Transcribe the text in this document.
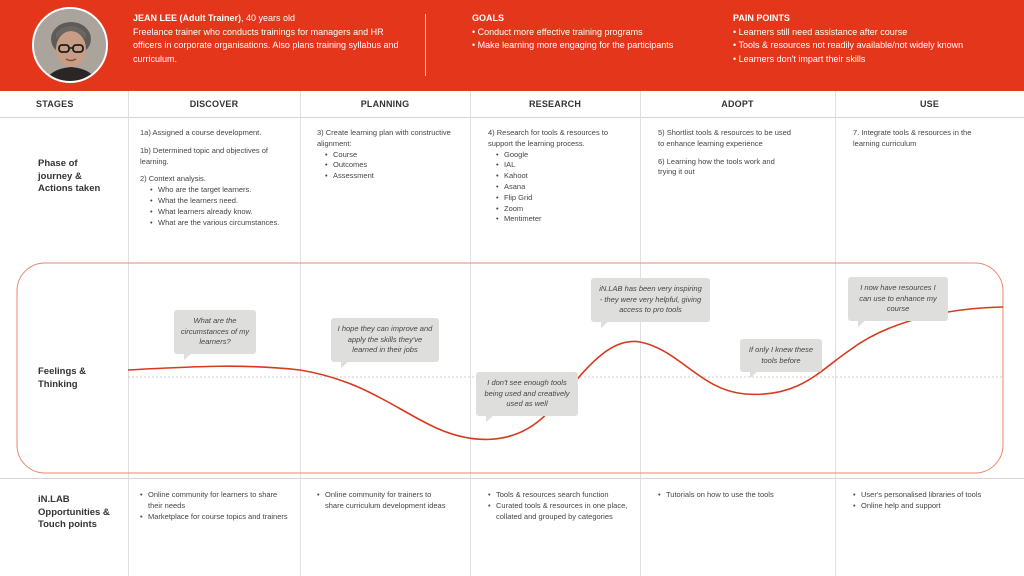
JEAN LEE (Adult Trainer), 40 years old
Freelance trainer who conducts trainings for managers and HR officers in corporate organisations. Also plans training syllabus and curriculum.
GOALS
• Conduct more effective training programs
• Make learning more engaging for the participants
PAIN POINTS
• Learners still need assistance after course
• Tools & resources not readily available/not widely known
• Learners don't impart their skills
STAGES	DISCOVER	PLANNING	RESEARCH	ADOPT	USE
Phase of journey & Actions taken
Feelings & Thinking
iN.LAB Opportunities & Touch points
1a) Assigned a course development.
1b) Determined topic and objectives of learning.
2) Context analysis.
• Who are the target learners.
• What the learners need.
• What learners already know.
• What are the various circumstances.
3) Create learning plan with constructive alignment:
• Course
• Outcomes
• Assessment
4) Research for tools & resources to support the learning process.
• Google
• IAL
• Kahoot
• Asana
• Flip Grid
• Zoom
• Mentimeter
5) Shortlist tools & resources to be used to enhance learning experience
6) Learning how the tools work and trying it out
7. Integrate tools & resources in the learning curriculum
What are the circumstances of my learners?
I hope they can improve and apply the skills they've learned in their jobs
I don't see enough tools being used and creatively used as well
iN.LAB has been very inspiring - they were very helpful, giving access to pro tools
If only I knew these tools before
I now have resources I can use to enhance my course
• Online community for learners to share their needs
• Marketplace for course topics and trainers
• Online community for trainers to share curriculum development ideas
• Tools & resources search function
• Curated tools & resources in one place, collated and grouped by categories
• Tutorials on how to use the tools
•	User's personalised libraries of tools
• Online help and support
